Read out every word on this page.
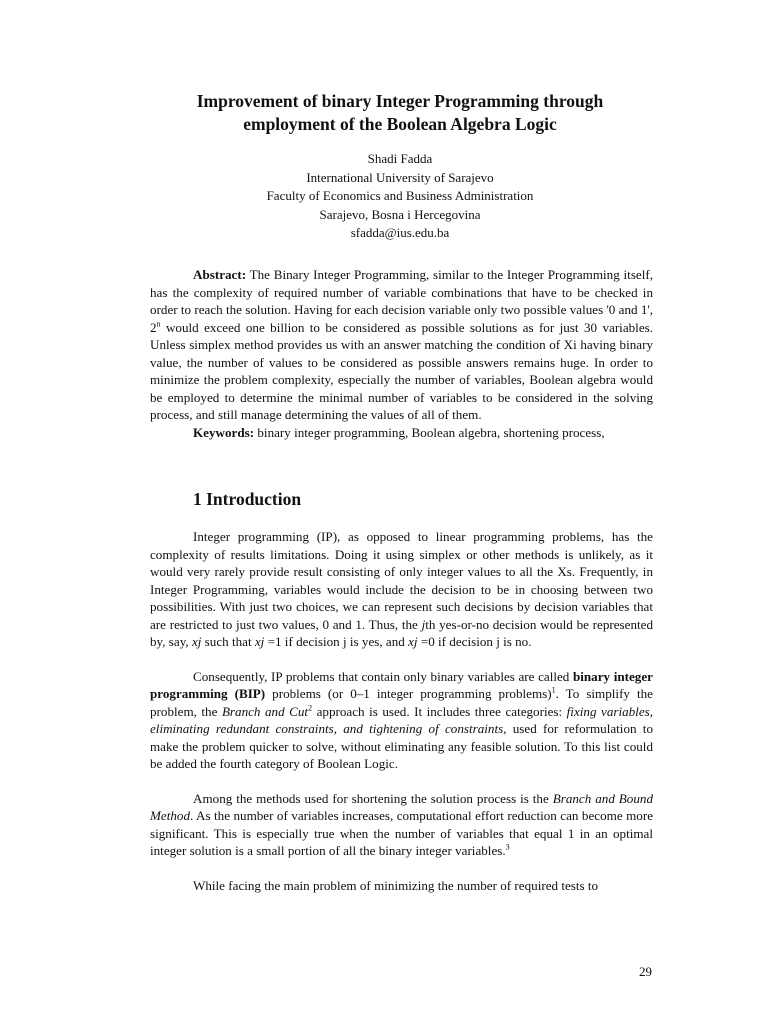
Improvement of binary Integer Programming through
employment of the Boolean Algebra Logic
Shadi Fadda
International University of Sarajevo
Faculty of Economics and Business Administration
Sarajevo, Bosna i Hercegovina
sfadda@ius.edu.ba

Abstract: The Binary Integer Programming, similar to the Integer Programming itself, has the complexity of required number of variable combinations that have to be checked in order to reach the solution. Having for each decision variable only two possible values '0 and 1', 2$^n$ would exceed one billion to be considered as possible solutions as for just 30 variables. Unless simplex method provides us with an answer matching the condition of Xi having binary value, the number of values to be considered as possible answers remains huge. In order to minimize the problem complexity, especially the number of variables, Boolean algebra would be employed to determine the minimal number of variables to be considered in the solving process, and still manage determining the values of all of them.

Keywords: binary integer programming, Boolean algebra, shortening process,

1 Introduction

Integer programming (IP), as opposed to linear programming problems, has the complexity of results limitations. Doing it using simplex or other methods is unlikely, as it would very rarely provide result consisting of only integer values to all the Xs. Frequently, in Integer Programming, variables would include the decision to be in choosing between two possibilities. With just two choices, we can represent such decisions by decision variables that are restricted to just two values, 0 and 1. Thus, the jth yes-or-no decision would be represented by, say, xj such that xj =1 if decision j is yes, and xj =0 if decision j is no.

Consequently, IP problems that contain only binary variables are called binary integer programming (BIP) problems (or 0–1 integer programming problems)$^1$. To simplify the problem, the Branch and Cut$^2$ approach is used. It includes three categories: fixing variables, eliminating redundant constraints, and tightening of constraints, used for reformulation to make the problem quicker to solve, without eliminating any feasible solution. To this list could be added the fourth category of Boolean Logic.

Among the methods used for shortening the solution process is the Branch and Bound Method. As the number of variables increases, computational effort reduction can become more significant. This is especially true when the number of variables that equal 1 in an optimal integer solution is a small portion of all the binary integer variables.$^3$

While facing the main problem of minimizing the number of required tests to

29
